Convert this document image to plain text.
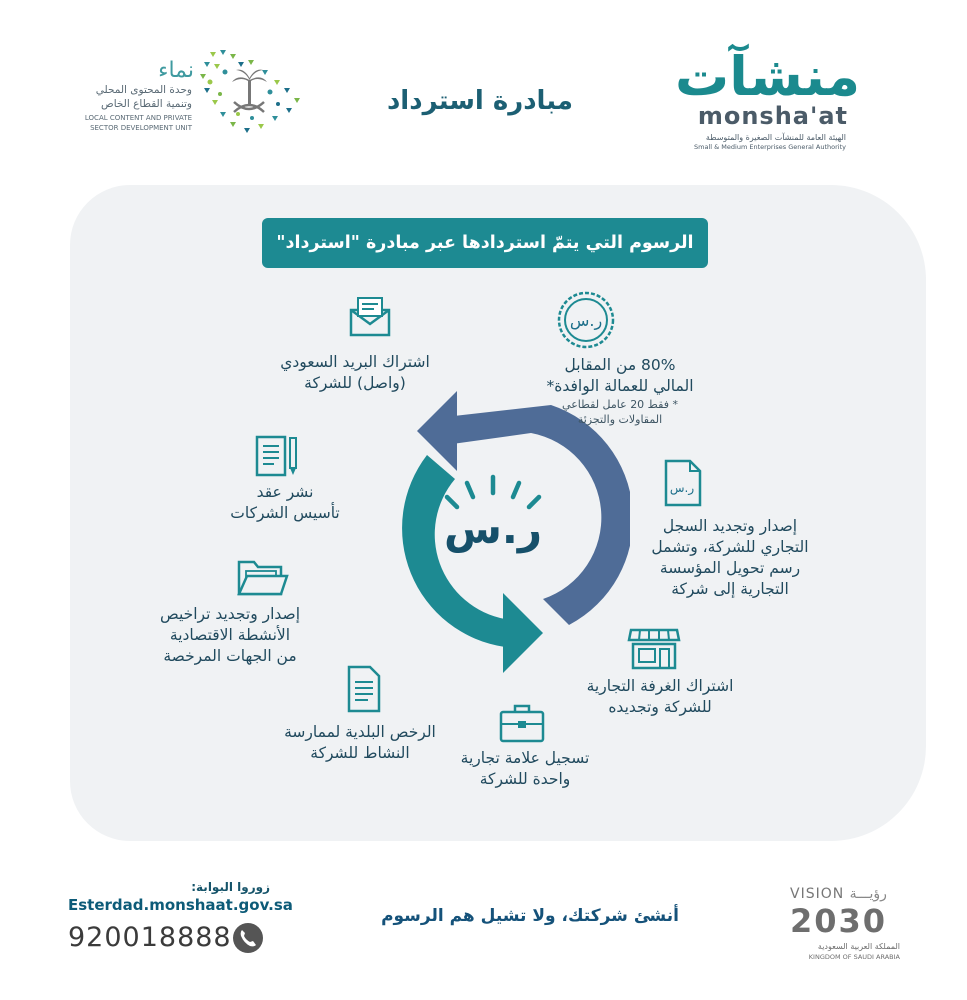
مبادرة استرداد	منشآت
monsha'at
الهيئة العامة للمنشآت الصغيرة والمتوسطة
Small & Medium Enterprises General Authority
نماء
وحدة المحتوى المحلي
وتنمية القطاع الخاص
LOCAL CONTENT AND PRIVATE
SECTOR DEVELOPMENT UNIT
الرسوم التي يتمّ استردادها عبر مبادرة "استرداد"
ر.س
ر.س
80% من المقابل
المالي للعمالة الوافدة*
* فقط 20 عامل لقطاعي
المقاولات والتجزئة
اشتراك البريد السعودي
(واصل) للشركة
نشر عقد
تأسيس الشركات
ر.س
إصدار وتجديد السجل
التجاري للشركة، وتشمل
رسم تحويل المؤسسة
التجارية إلى شركة
إصدار وتجديد تراخيص
الأنشطة الاقتصادية
من الجهات المرخصة
اشتراك الغرفة التجارية
للشركة وتجديده
الرخص البلدية لممارسة
النشاط للشركة	تسجيل علامة تجارية
واحدة للشركة
زوروا البوابة:
Esterdad.monshaat.gov.sa
920018888
أنشئ شركتك، ولا تشيل هم الرسوم
VISION رؤيـــة
2030
المملكة العربية السعودية
KINGDOM OF SAUDI ARABIA
